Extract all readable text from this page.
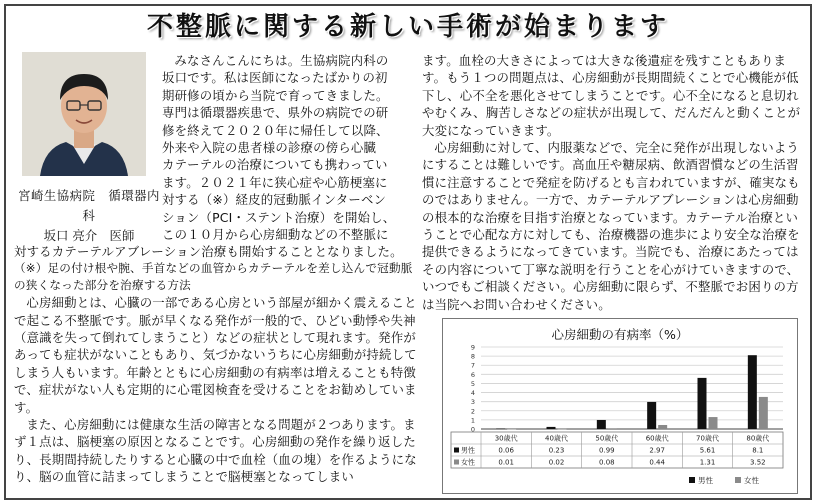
不整脈に関する新しい手術が始まります
宮崎生協病院　循環器内科
坂口 亮介　医師
みなさんこんにちは。生協病院内科の
坂口です。私は医師になったばかりの初
期研修の頃から当院で育ってきました。
専門は循環器疾患で、県外の病院での研
修を終えて２０２０年に帰任して以降、
外来や入院の患者様の診療の傍ら心臓
カテーテルの治療についても携わってい
ます。２０２１年に狭心症や心筋梗塞に
対する（※）経皮的冠動脈インターベン
ション（PCI・ステント治療）を開始し、
この１０月から心房細動などの不整脈に

対するカテーテルアブレーション治療も開始することとなりました。

（※）足の付け根や腕、手首などの血管からカテーテルを差し込んで冠動脈の狭くなった部分を治療する方法

心房細動とは、心臓の一部である心房という部屋が細かく震えることで起こる不整脈です。脈が早くなる発作が一般的で、ひどい動悸や失神（意識を失って倒れてしまうこと）などの症状として現れます。発作があっても症状がないこともあり、気づかないうちに心房細動が持続してしまう人もいます。年齢とともに心房細動の有病率は増えることも特徴で、症状がない人も定期的に心電図検査を受けることをお勧めしています。

また、心房細動には健康な生活の障害となる問題が２つあります。まず１点は、脳梗塞の原因となることです。心房細動の発作を繰り返したり、長期間持続したりすると心臓の中で血栓（血の塊）を作るようになり、脳の血管に詰まってしまうことで脳梗塞となってしまい

ます。血栓の大きさによっては大きな後遺症を残すこともあります。もう１つの問題点は、心房細動が長期間続くことで心機能が低下し、心不全を悪化させてしまうことです。心不全になると息切れやむくみ、胸苦しさなどの症状が出現して、だんだんと動くことが大変になっていきます。

心房細動に対して、内服薬などで、完全に発作が出現しないようにすることは難しいです。高血圧や糖尿病、飲酒習慣などの生活習慣に注意することで発症を防げるとも言われていますが、確実なものではありません。一方で、カテーテルアブレーションは心房細動の根本的な治療を目指す治療となっています。カテーテル治療ということで心配な方に対しても、治療機器の進歩により安全な治療を提供できるようになってきています。当院でも、治療にあたってはその内容について丁寧な説明を行うことを心がけていきますので、いつでもご相談ください。心房細動に限らず、不整脈でお困りの方は当院へお問い合わせください。

心房細動の有病率（%）
0
1
2
3
4
5
6
7
8
9
30歳代
0.06
0.01
40歳代
0.23
0.02
50歳代
0.99
0.08
60歳代
2.97
0.44
70歳代
5.61
1.31
80歳代
8.1
3.52
男性
女性
男性	女性
